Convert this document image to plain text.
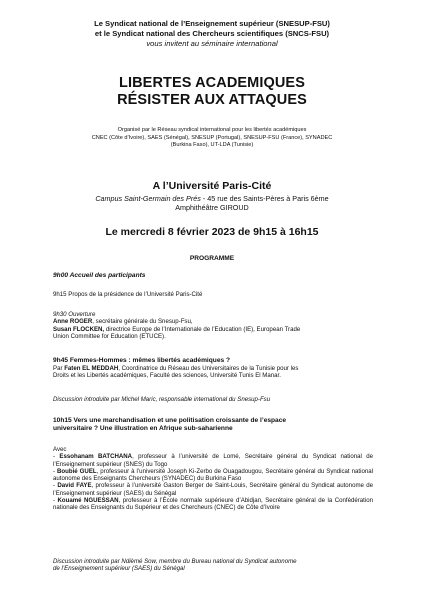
Le Syndicat national de l’Enseignement supérieur (SNESUP-FSU)
et le Syndicat national des Chercheurs scientifiques (SNCS-FSU)
vous invitent au séminaire international
LIBERTES ACADEMIQUES
RÉSISTER AUX ATTAQUES
Organisé par le Réseau syndical international pour les libertés académiques
CNEC (Côte d’Ivoire), SAES (Sénégal), SNESUP (Portugal), SNESUP-FSU (France), SYNADEC
(Burkina Faso), UT-LDA (Tunisie)
A l’Université Paris-Cité
Campus Saint-Germain des Prés - 45 rue des Saints-Pères à Paris 6ème
Amphithéâtre GIROUD
Le mercredi 8 février 2023 de 9h15 à 16h15
PROGRAMME
9h00 Accueil des participants
9h15 Propos de la présidence de l’Université Paris-Cité
9h30 Ouverture
Anne ROGER, secrétaire générale du Snesup-Fsu,
Susan FLOCKEN, directrice Europe de l’Internationale de l’Education (IE), European Trade
Union Committee for Education (ETUCE).
9h45 Femmes-Hommes : mêmes libertés académiques ?
Par Faten EL MEDDAH, Coordinatrice du Réseau des Universitaires de la Tunisie pour les
Droits et les Libertés académiques, Faculté des sciences, Université Tunis El Manar.
Discussion introduite par Michel Maric, responsable international du Snesup-Fsu
10h15 Vers une marchandisation et une politisation croissante de l’espace
universitaire ? Une illustration en Afrique sub-saharienne
Avec
- Essohanam BATCHANA, professeur à l’université de Lomé, Secrétaire général du Syndicat national de l’Enseignement supérieur (SNES) du Togo
- Boubié GUEL, professeur à l’université Joseph Ki-Zerbo de Ouagadougou, Secrétaire général du Syndicat national autonome des Enseignants Chercheurs (SYNADEC) du Burkina Faso
- David FAYE, professeur à l’université Gaston Berger de Saint-Louis, Secrétaire général du Syndicat autonome de l’Enseignement supérieur (SAES) du Sénégal
- Kouamé NGUESSAN, professeur à l’École normale supérieure d’Abidjan, Secrétaire général de la Confédération nationale des Enseignants du Supérieur et des Chercheurs (CNEC) de Côte d’Ivoire
Discussion introduite par Ndièmé Sow, membre du Bureau national du Syndicat autonome
de l’Enseignement supérieur (SAES) du Sénégal
